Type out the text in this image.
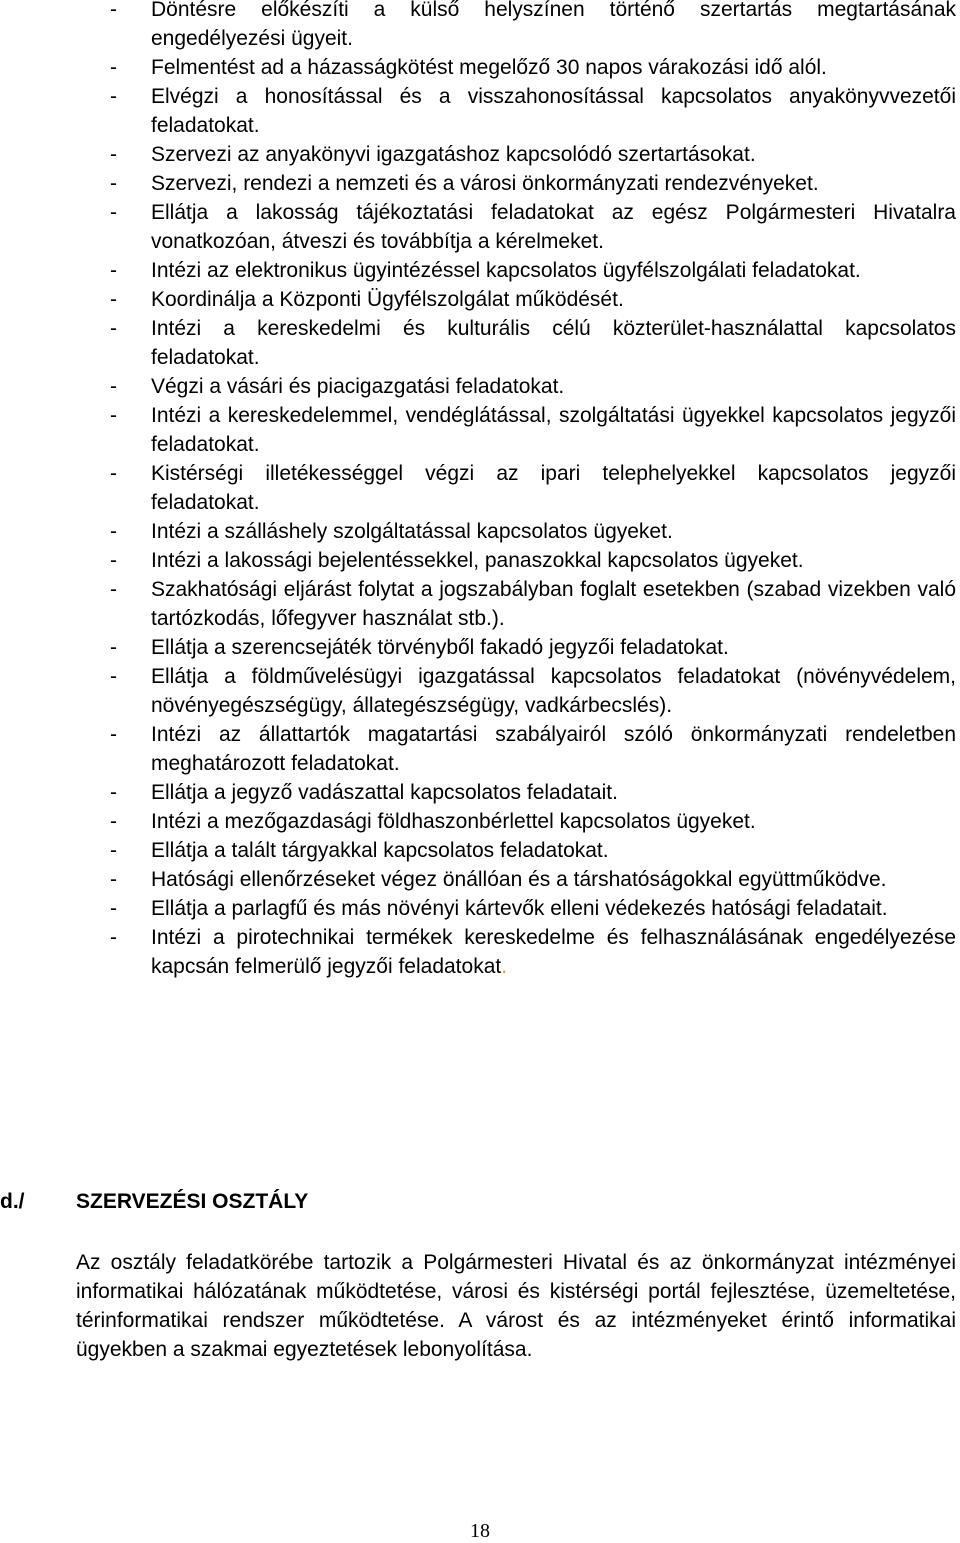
- Döntésre előkészíti a külső helyszínen történő szertartás megtartásának engedélyezési ügyeit.
- Felmentést ad a házasságkötést megelőző 30 napos várakozási idő alól.
- Elvégzi a honosítással és a visszahonosítással kapcsolatos anyakönyvvezetői feladatokat.
- Szervezi az anyakönyvi igazgatáshoz kapcsolódó szertartásokat.
- Szervezi, rendezi a nemzeti és a városi önkormányzati rendezvényeket.
- Ellátja a lakosság tájékoztatási feladatokat az egész Polgármesteri Hivatalra vonatkozóan, átveszi és továbbítja a kérelmeket.
- Intézi az elektronikus ügyintézéssel kapcsolatos ügyfélszolgálati feladatokat.
- Koordinálja a Központi Ügyfélszolgálat működését.
- Intézi a kereskedelmi és kulturális célú közterület-használattal kapcsolatos feladatokat.
- Végzi a vásári és piacigazgatási feladatokat.
- Intézi a kereskedelemmel, vendéglátással, szolgáltatási ügyekkel kapcsolatos jegyzői feladatokat.
- Kistérségi illetékességgel végzi az ipari telephelyekkel kapcsolatos jegyzői feladatokat.
- Intézi a szálláshely szolgáltatással kapcsolatos ügyeket.
- Intézi a lakossági bejelentéssekkel, panaszokkal kapcsolatos ügyeket.
- Szakhatósági eljárást folytat a jogszabályban foglalt esetekben (szabad vizekben való tartózkodás, lőfegyver használat stb.).
- Ellátja a szerencsejáték törvényből fakadó jegyzői feladatokat.
- Ellátja a földművelésügyi igazgatással kapcsolatos feladatokat (növényvédelem, növényegészségügy, állategészségügy, vadkárbecslés).
- Intézi az állattartók magatartási szabályairól szóló önkormányzati rendeletben meghatározott feladatokat.
- Ellátja a jegyző vadászattal kapcsolatos feladatait.
- Intézi a mezőgazdasági földhaszonbérlettel kapcsolatos ügyeket.
- Ellátja a talált tárgyakkal kapcsolatos feladatokat.
- Hatósági ellenőrzéseket végez önállóan és a társhatóságokkal együttműködve.
- Ellátja a parlagfű és más növényi kártevők elleni védekezés hatósági feladatait.
- Intézi a pirotechnikai termékek kereskedelme és felhasználásának engedélyezése kapcsán felmerülő jegyzői feladatokat.
d./ SZERVEZÉSI OSZTÁLY
Az osztály feladatkörébe tartozik a Polgármesteri Hivatal és az önkormányzat intézményei informatikai hálózatának működtetése, városi és kistérségi portál fejlesztése, üzemeltetése, térinformatikai rendszer működtetése. A várost és az intézményeket érintő informatikai ügyekben a szakmai egyeztetések lebonyolítása.
18
